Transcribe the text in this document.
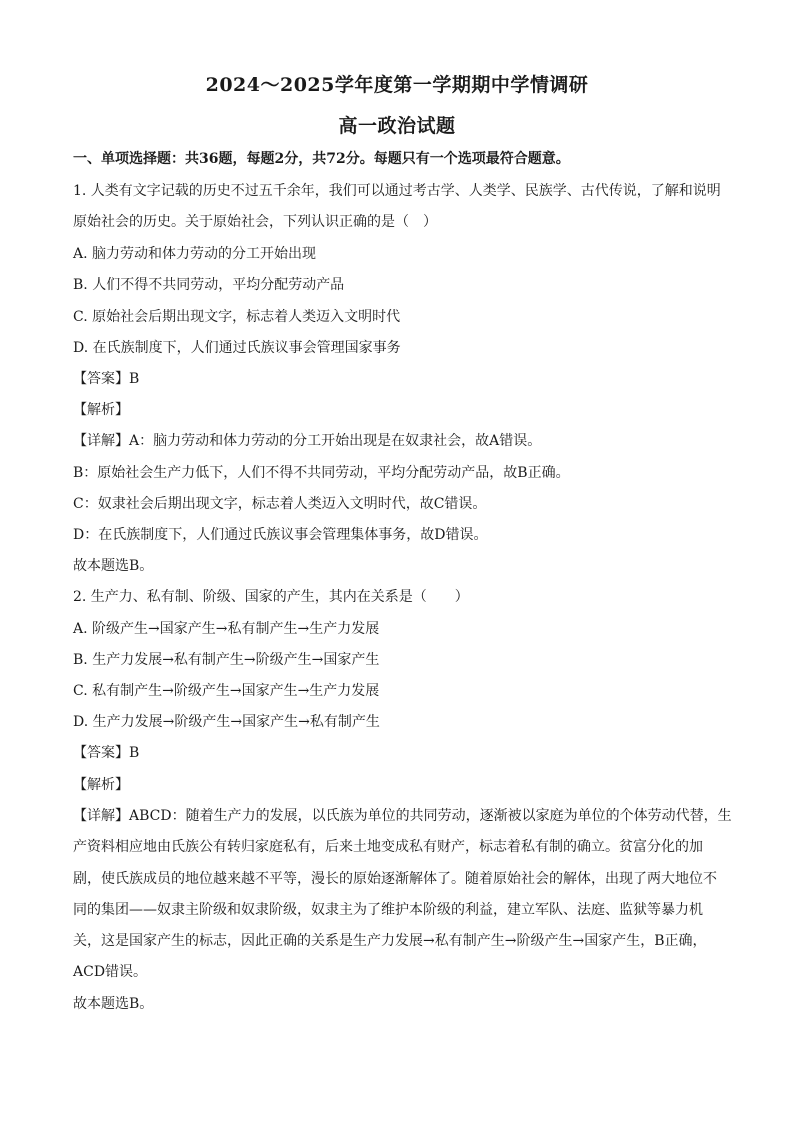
2024～2025学年度第一学期期中学情调研
高一政治试题
一、单项选择题：共36题，每题2分，共72分。每题只有一个选项最符合题意。
1. 人类有文字记载的历史不过五千余年，我们可以通过考古学、人类学、民族学、古代传说，了解和说明
原始社会的历史。关于原始社会，下列认识正确的是（　）
A. 脑力劳动和体力劳动的分工开始出现
B. 人们不得不共同劳动，平均分配劳动产品
C. 原始社会后期出现文字，标志着人类迈入文明时代
D. 在氏族制度下，人们通过氏族议事会管理国家事务
【答案】B
【解析】
【详解】A：脑力劳动和体力劳动的分工开始出现是在奴隶社会，故A错误。
B：原始社会生产力低下，人们不得不共同劳动，平均分配劳动产品，故B正确。
C：奴隶社会后期出现文字，标志着人类迈入文明时代，故C错误。
D：在氏族制度下，人们通过氏族议事会管理集体事务，故D错误。
故本题选B。
2. 生产力、私有制、阶级、国家的产生，其内在关系是（　　）
A. 阶级产生→国家产生→私有制产生→生产力发展
B. 生产力发展→私有制产生→阶级产生→国家产生
C. 私有制产生→阶级产生→国家产生→生产力发展
D. 生产力发展→阶级产生→国家产生→私有制产生
【答案】B
【解析】
【详解】ABCD：随着生产力的发展，以氏族为单位的共同劳动，逐渐被以家庭为单位的个体劳动代替，生
产资料相应地由氏族公有转归家庭私有，后来土地变成私有财产，标志着私有制的确立。贫富分化的加
剧，使氏族成员的地位越来越不平等，漫长的原始逐渐解体了。随着原始社会的解体，出现了两大地位不
同的集团——奴隶主阶级和奴隶阶级，奴隶主为了维护本阶级的利益，建立军队、法庭、监狱等暴力机
关，这是国家产生的标志，因此正确的关系是生产力发展→私有制产生→阶级产生→国家产生，B正确，
ACD错误。
故本题选B。
